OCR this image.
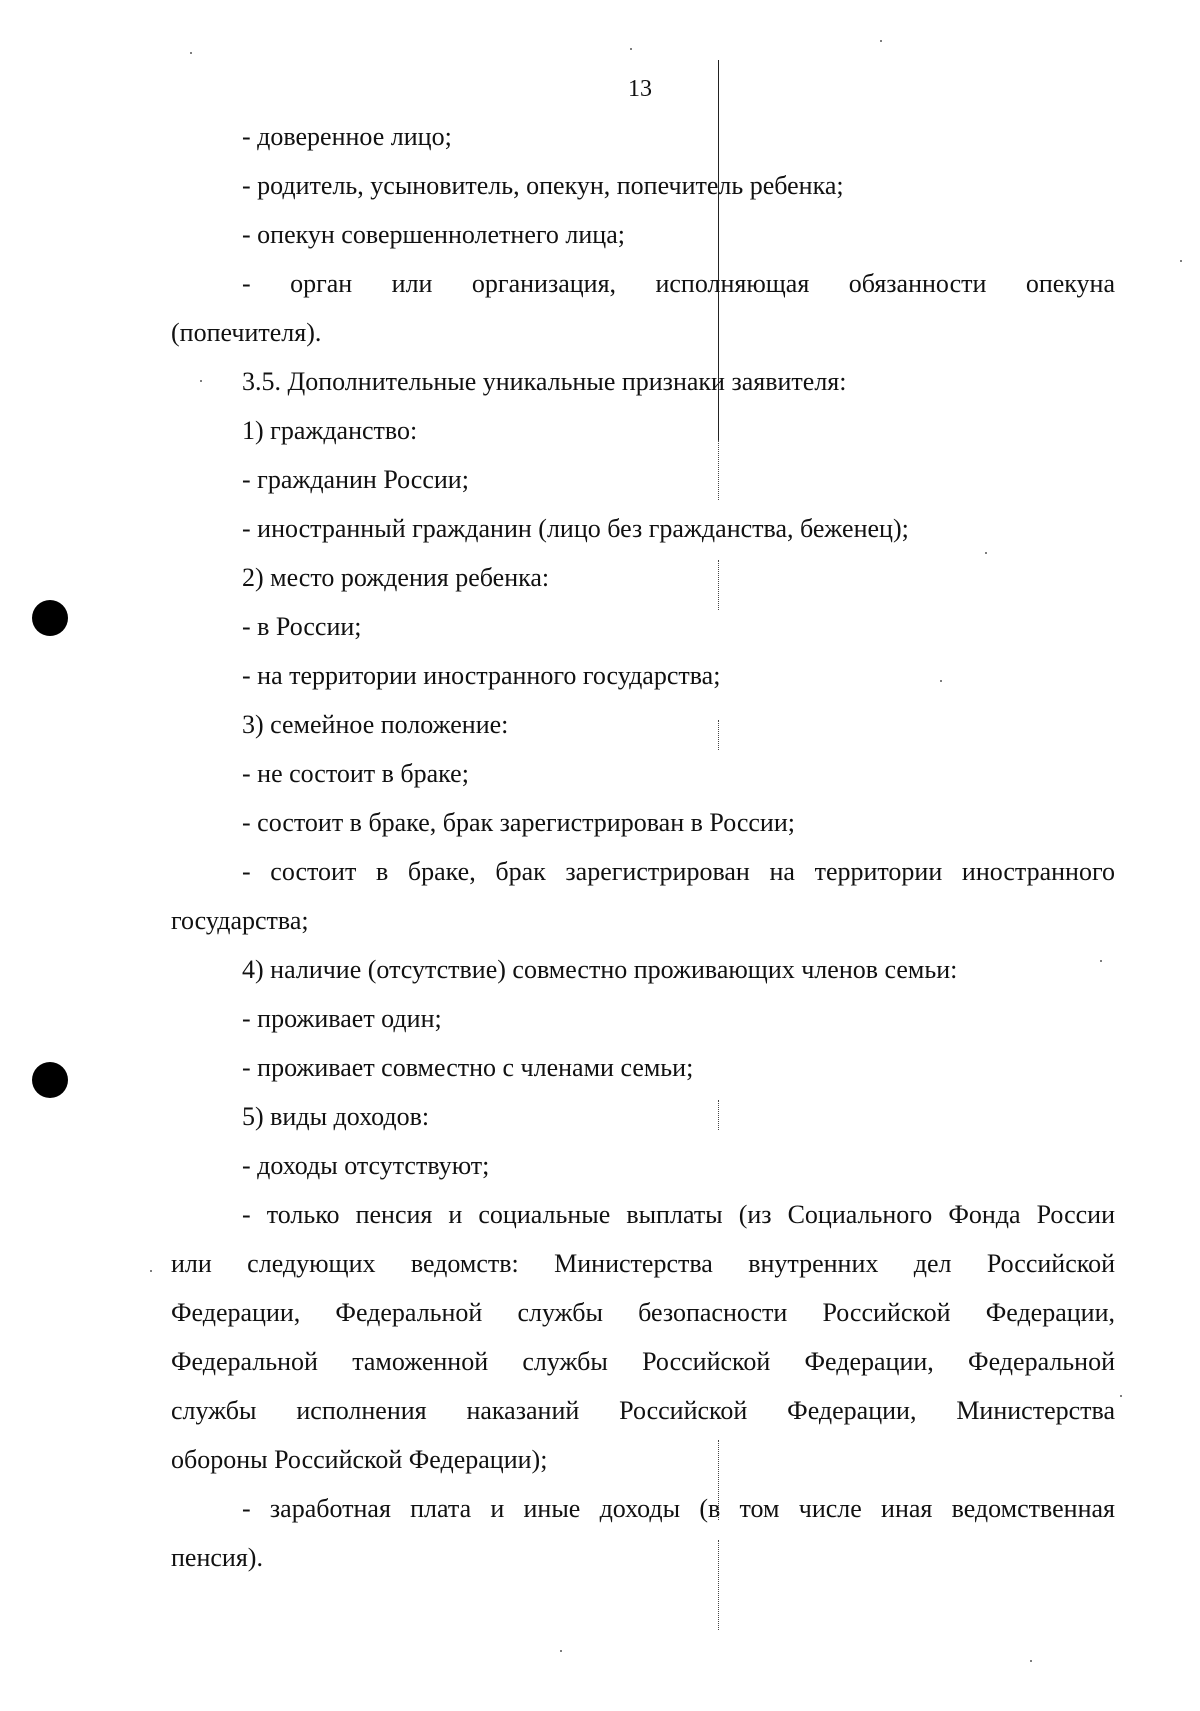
13
- доверенное лицо;
- родитель, усыновитель, опекун, попечитель ребенка;
- опекун совершеннолетнего лица;
- орган или организация, исполняющая обязанности опекуна
(попечителя).
3.5. Дополнительные уникальные признаки заявителя:
1) гражданство:
- гражданин России;
- иностранный гражданин (лицо без гражданства, беженец);
2) место рождения ребенка:
- в России;
- на территории иностранного государства;
3) семейное положение:
- не состоит в браке;
- состоит в браке, брак зарегистрирован в России;
- состоит в браке, брак зарегистрирован на территории иностранного
государства;
4) наличие (отсутствие) совместно проживающих членов семьи:
- проживает один;
- проживает совместно с членами семьи;
5) виды доходов:
- доходы отсутствуют;
- только пенсия и социальные выплаты (из Социального Фонда России
или следующих ведомств: Министерства внутренних дел Российской
Федерации, Федеральной службы безопасности Российской Федерации,
Федеральной таможенной службы Российской Федерации, Федеральной
службы исполнения наказаний Российской Федерации, Министерства
обороны Российской Федерации);
- заработная плата и иные доходы (в том числе иная ведомственная
пенсия).
